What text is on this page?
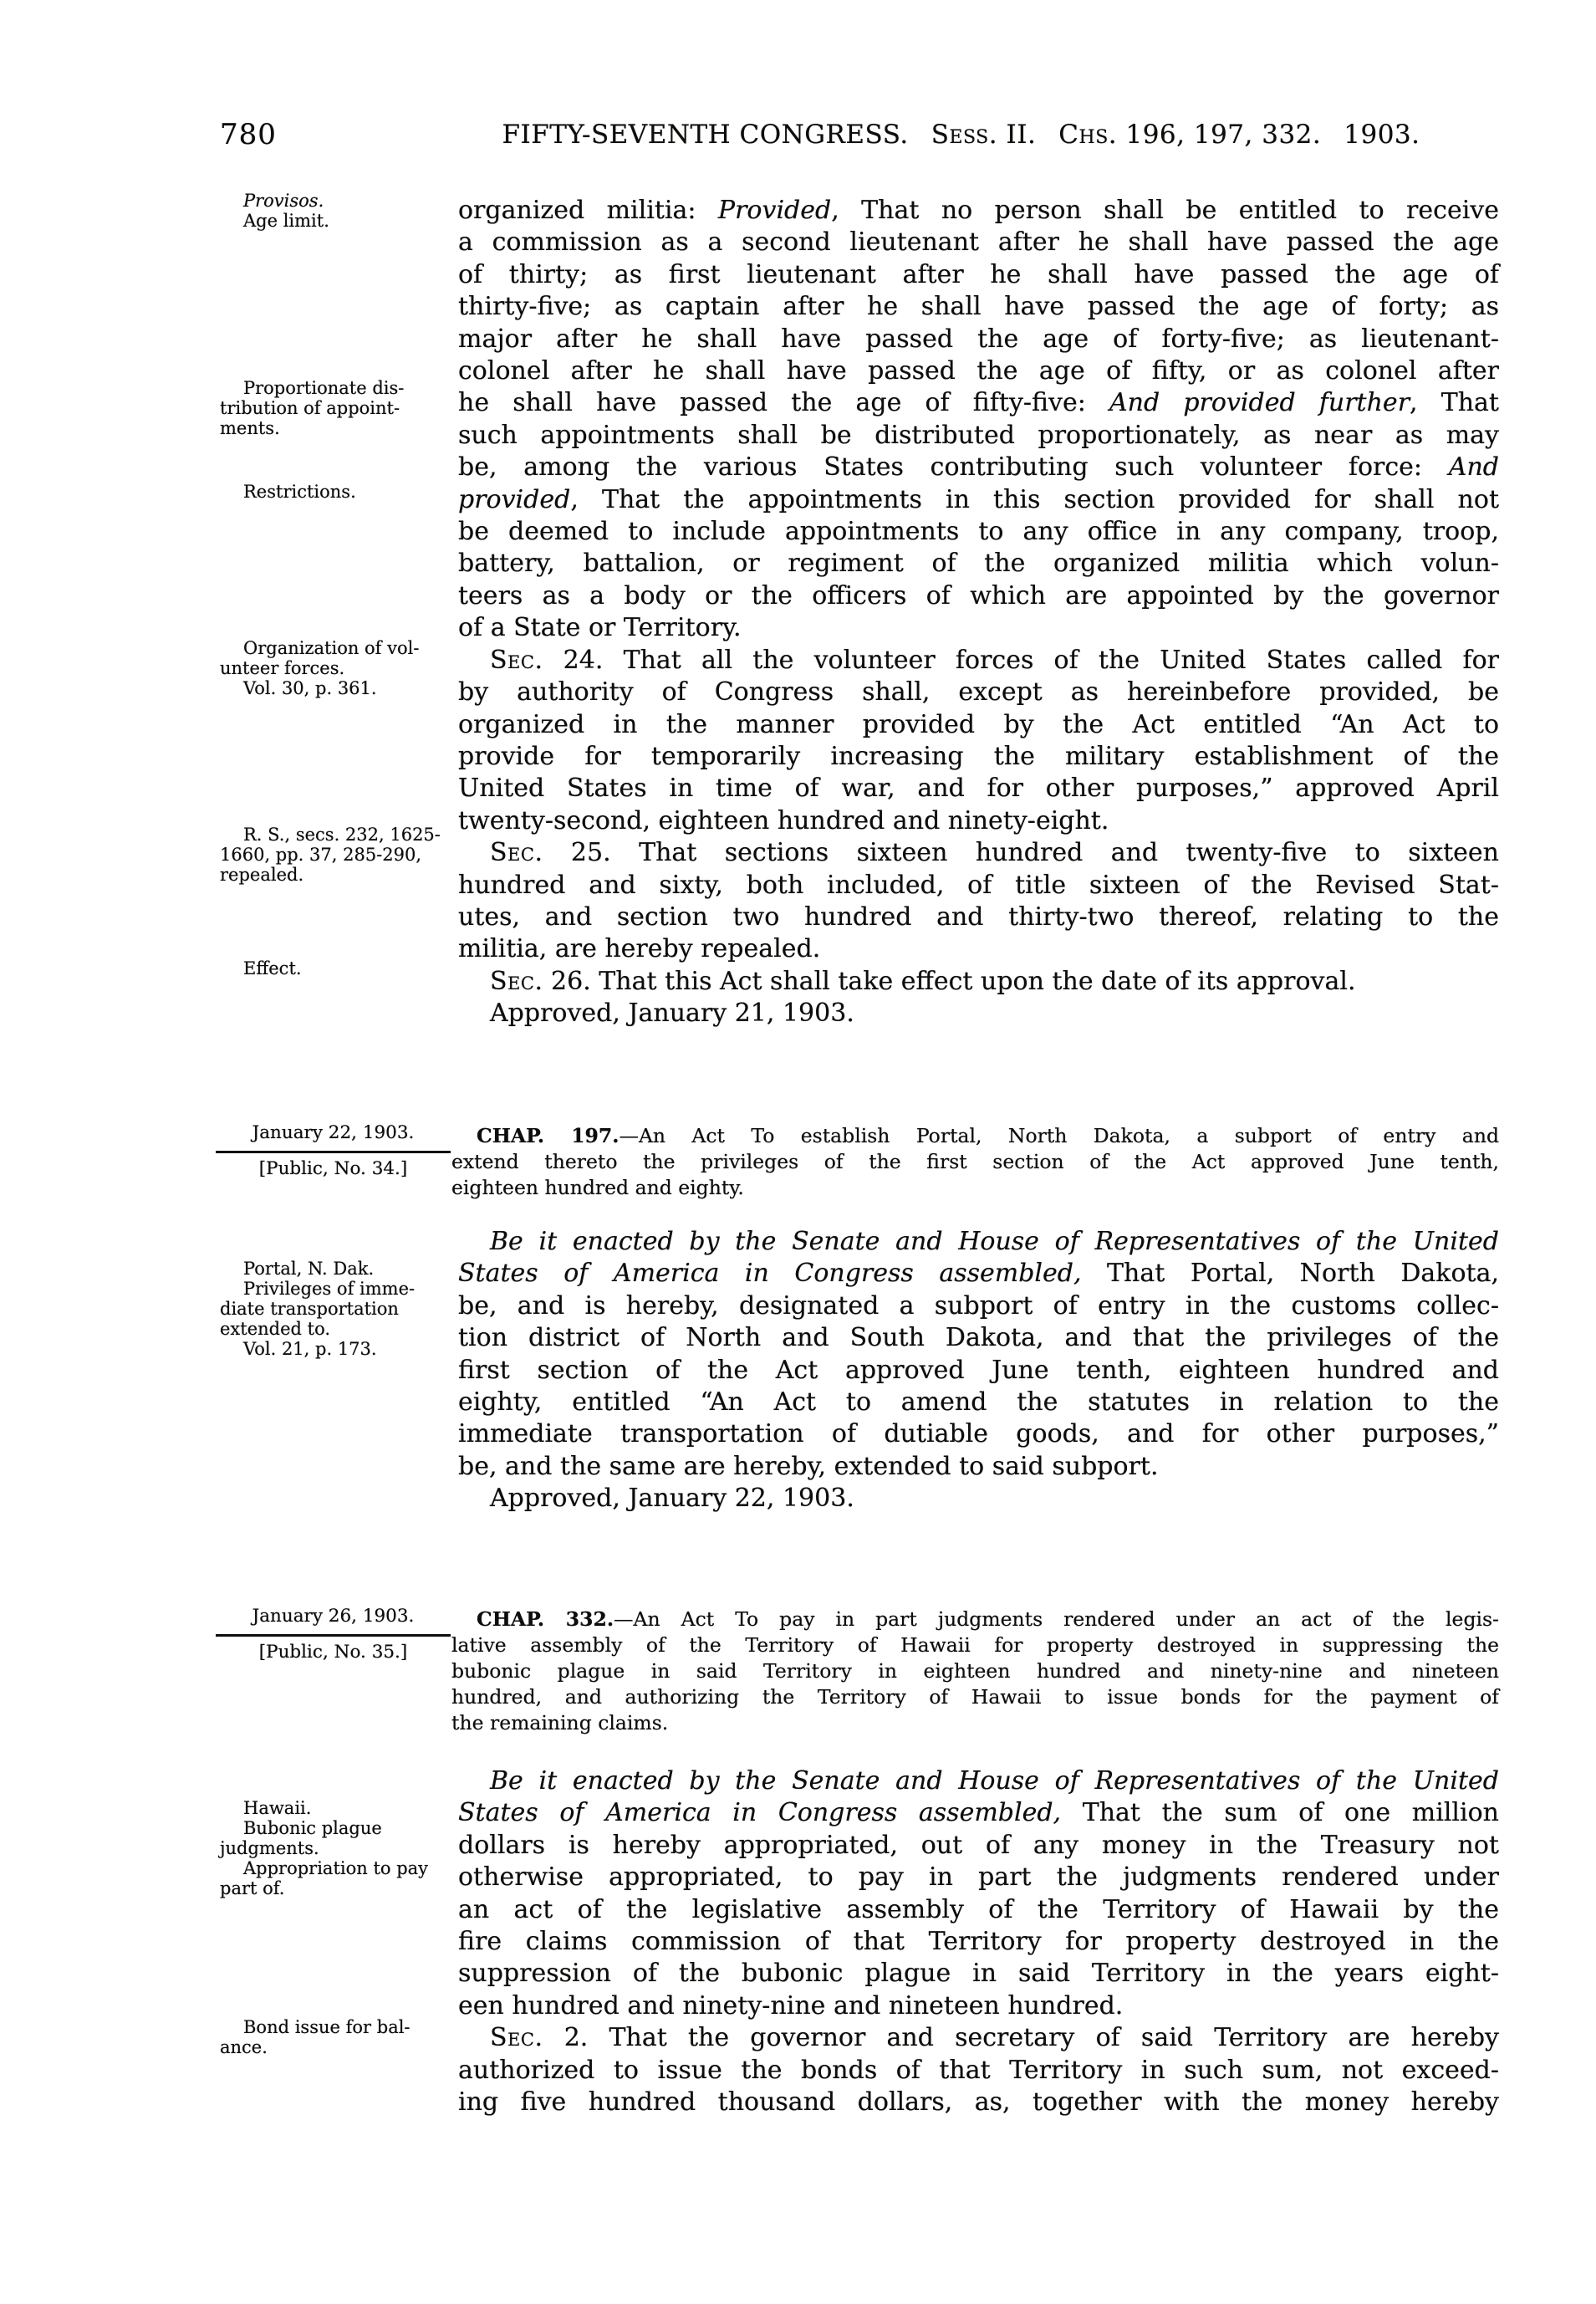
780	FIFTY-SEVENTH CONGRESS. Sess. II. Chs. 196, 197, 332. 1903.
Provisos.
Age limit.
Proportionate dis-
tribution of appoint-
ments.
Restrictions.
Organization of vol-
unteer forces.
Vol. 30, p. 361.
R. S., secs. 232, 1625-
1660, pp. 37, 285-290,
repealed.
Effect.
organized militia: Provided, That no person shall be entitled to receive
a commission as a second lieutenant after he shall have passed the age
of thirty; as first lieutenant after he shall have passed the age of
thirty-five; as captain after he shall have passed the age of forty; as
major after he shall have passed the age of forty-five; as lieutenant-
colonel after he shall have passed the age of fifty, or as colonel after
he shall have passed the age of fifty-five: And provided further, That
such appointments shall be distributed proportionately, as near as may
be, among the various States contributing such volunteer force: And
provided, That the appointments in this section provided for shall not
be deemed to include appointments to any office in any company, troop,
battery, battalion, or regiment of the organized militia which volun-
teers as a body or the officers of which are appointed by the governor
of a State or Territory.
Sec. 24. That all the volunteer forces of the United States called for
by authority of Congress shall, except as hereinbefore provided, be
organized in the manner provided by the Act entitled “An Act to
provide for temporarily increasing the military establishment of the
United States in time of war, and for other purposes,” approved April
twenty-second, eighteen hundred and ninety-eight.
Sec. 25. That sections sixteen hundred and twenty-five to sixteen
hundred and sixty, both included, of title sixteen of the Revised Stat-
utes, and section two hundred and thirty-two thereof, relating to the
militia, are hereby repealed.
Sec. 26. That this Act shall take effect upon the date of its approval.
Approved, January 21, 1903.
January 22, 1903.
[Public, No. 34.]
CHAP. 197.—An Act To establish Portal, North Dakota, a subport of entry and
extend thereto the privileges of the first section of the Act approved June tenth,
eighteen hundred and eighty.
Portal, N. Dak.
Privileges of imme-
diate transportation
extended to.
Vol. 21, p. 173.
Be it enacted by the Senate and House of Representatives of the United
States of America in Congress assembled, That Portal, North Dakota,
be, and is hereby, designated a subport of entry in the customs collec-
tion district of North and South Dakota, and that the privileges of the
first section of the Act approved June tenth, eighteen hundred and
eighty, entitled “An Act to amend the statutes in relation to the
immediate transportation of dutiable goods, and for other purposes,”
be, and the same are hereby, extended to said subport.
Approved, January 22, 1903.
January 26, 1903.
[Public, No. 35.]
CHAP. 332.—An Act To pay in part judgments rendered under an act of the legis-
lative assembly of the Territory of Hawaii for property destroyed in suppressing the
bubonic plague in said Territory in eighteen hundred and ninety-nine and nineteen
hundred, and authorizing the Territory of Hawaii to issue bonds for the payment of
the remaining claims.
Hawaii.
Bubonic plague
judgments.
Appropriation to pay
part of.
Bond issue for bal-
ance.
Be it enacted by the Senate and House of Representatives of the United
States of America in Congress assembled, That the sum of one million
dollars is hereby appropriated, out of any money in the Treasury not
otherwise appropriated, to pay in part the judgments rendered under
an act of the legislative assembly of the Territory of Hawaii by the
fire claims commission of that Territory for property destroyed in the
suppression of the bubonic plague in said Territory in the years eight-
een hundred and ninety-nine and nineteen hundred.
Sec. 2. That the governor and secretary of said Territory are hereby
authorized to issue the bonds of that Territory in such sum, not exceed-
ing five hundred thousand dollars, as, together with the money hereby
